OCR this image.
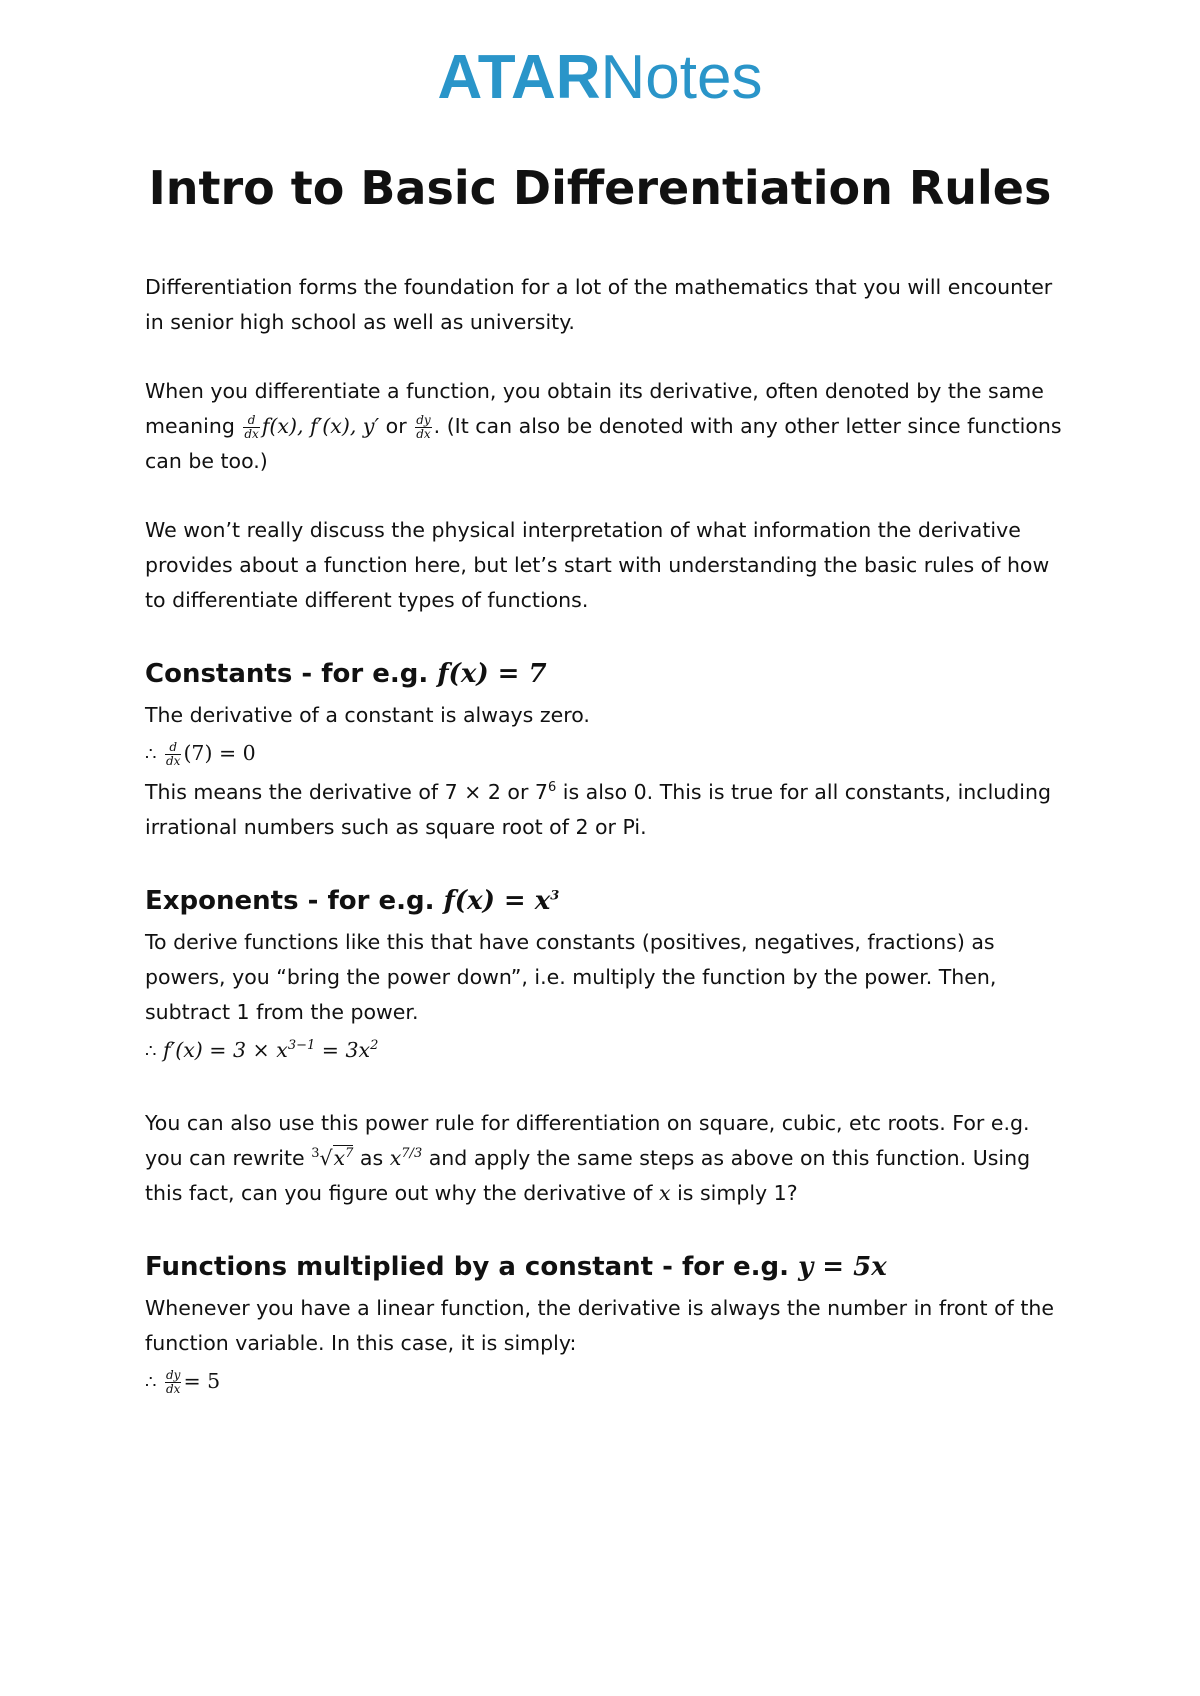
ATARNotes
Intro to Basic Differentiation Rules

Differentiation forms the foundation for a lot of the mathematics that you will encounter in senior high school as well as university.

When you differentiate a function, you obtain its derivative, often denoted by the same meaning $\frac{d}{dx} f(x)$, f′(x), y′ or $\frac{dy}{dx}$ . (It can also be denoted with any other letter since functions can be too.)

We won’t really discuss the physical interpretation of what information the derivative provides about a function here, but let’s start with understanding the basic rules of how to differentiate different types of functions.

Constants - for e.g. f(x) = 7

The derivative of a constant is always zero.

∴ $\frac{d}{dx} (7) = 0$

This means the derivative of 7 × 2 or $7^6$ is also 0. This is true for all constants, including irrational numbers such as square root of 2 or Pi.

Exponents - for e.g. $f(x) = x^3$

To derive functions like this that have constants (positives, negatives, fractions) as powers, you “bring the power down”, i.e. multiply the function by the power. Then, subtract 1 from the power.

∴ $f'(x) = 3 \times x^{3-1} = 3x^2$

You can also use this power rule for differentiation on square, cubic, etc roots. For e.g. you can rewrite $^3√x^7$ as $x^{7/3}$ and apply the same steps as above on this function. Using this fact, can you figure out why the derivative of x is simply 1?

Functions multiplied by a constant - for e.g. y = 5x

Whenever you have a linear function, the derivative is always the number in front of the function variable. In this case, it is simply:

∴ $\frac{dy}{dx} = 5$
